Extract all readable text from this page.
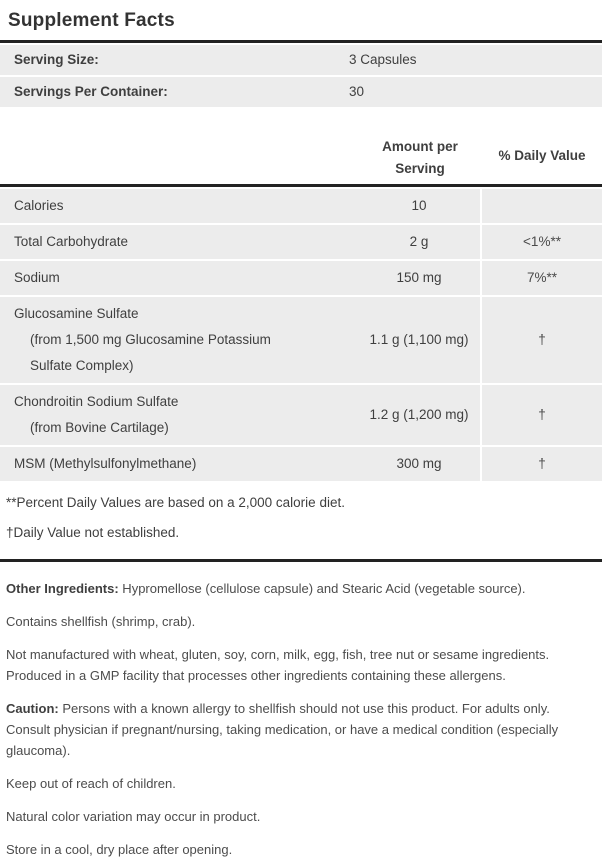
Supplement Facts
Serving Size:	3 Capsules
Servings Per Container:	30
Amount per Serving
% Daily Value
Calories	10
Total Carbohydrate	2 g	<1%**
Sodium	150 mg	7%**
Glucosamine Sulfate
(from 1,500 mg Glucosamine Potassium
Sulfate Complex)
1.1 g (1,100 mg)	†
Chondroitin Sodium Sulfate
(from Bovine Cartilage)
1.2 g (1,200 mg)	†
MSM (Methylsulfonylmethane)	300 mg	†

**Percent Daily Values are based on a 2,000 calorie diet.

†Daily Value not established.

Other Ingredients: Hypromellose (cellulose capsule) and Stearic Acid (vegetable source).

Contains shellfish (shrimp, crab).

Not manufactured with wheat, gluten, soy, corn, milk, egg, fish, tree nut or sesame ingredients. Produced in a GMP facility that processes other ingredients containing these allergens.

Caution: Persons with a known allergy to shellfish should not use this product. For adults only. Consult physician if pregnant/nursing, taking medication, or have a medical condition (especially glaucoma).

Keep out of reach of children.

Natural color variation may occur in product.

Store in a cool, dry place after opening.
